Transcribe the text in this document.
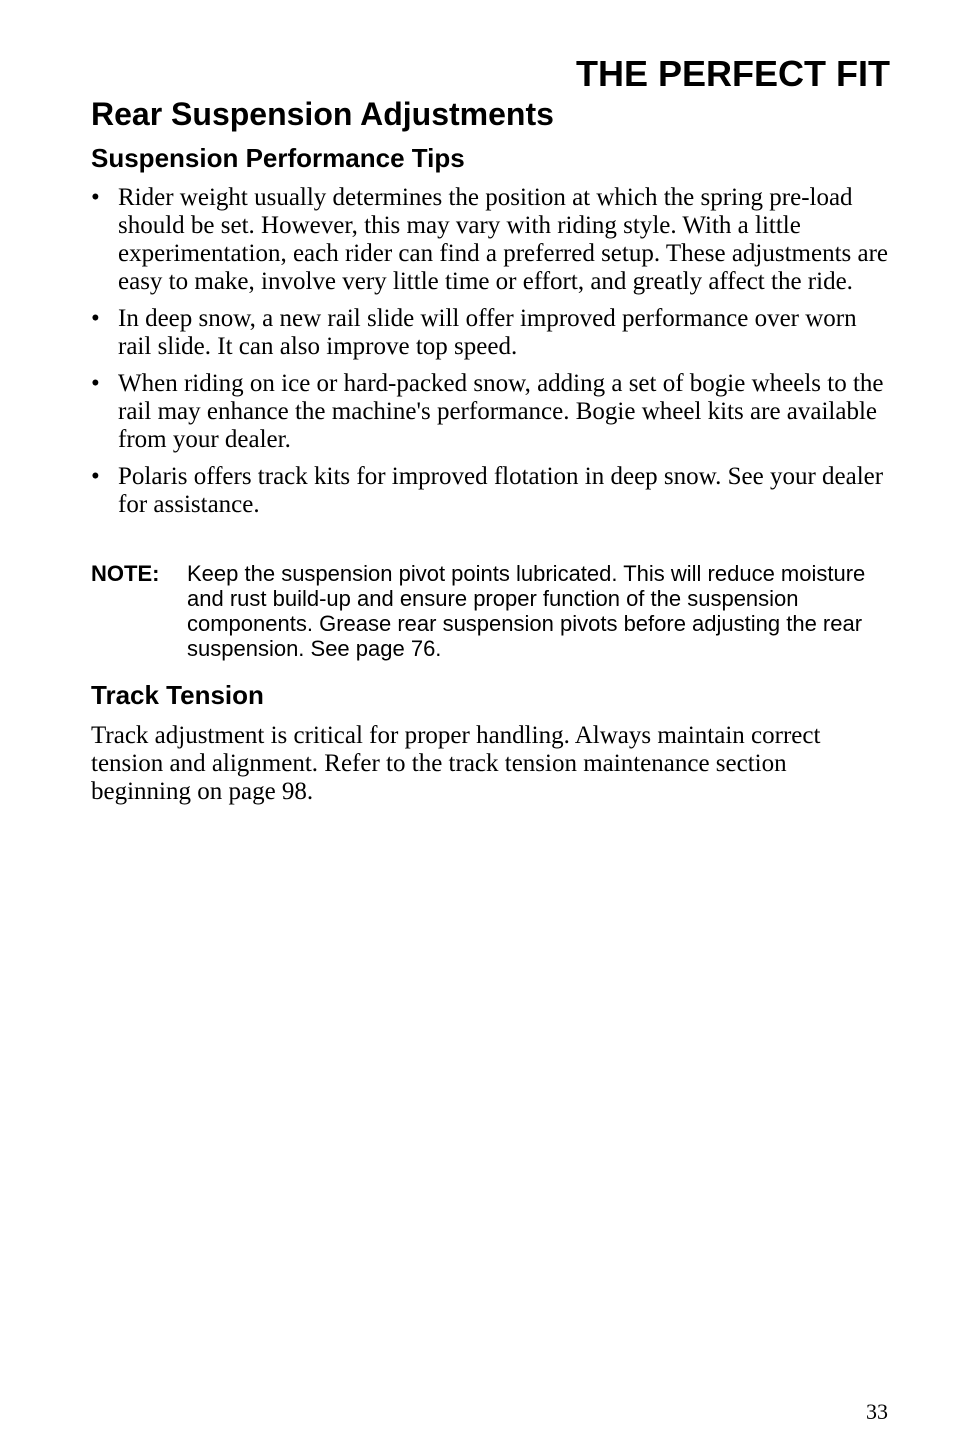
THE PERFECT FIT
Rear Suspension Adjustments
Suspension Performance Tips
• Rider weight usually determines the position at which the spring pre-load should be set. However, this may vary with riding style. With a little experimentation, each rider can find a preferred setup. These adjustments are easy to make, involve very little time or effort, and greatly affect the ride.
• In deep snow, a new rail slide will offer improved performance over worn rail slide. It can also improve top speed.
• When riding on ice or hard-packed snow, adding a set of bogie wheels to the rail may enhance the machine's performance. Bogie wheel kits are available from your dealer.
• Polaris offers track kits for improved flotation in deep snow. See your dealer for assistance.
NOTE: Keep the suspension pivot points lubricated. This will reduce moisture and rust build-up and ensure proper function of the suspension components. Grease rear suspension pivots before adjusting the rear suspension. See page 76.
Track Tension

Track adjustment is critical for proper handling. Always maintain correct tension and alignment. Refer to the track tension maintenance section beginning on page 98.

33
